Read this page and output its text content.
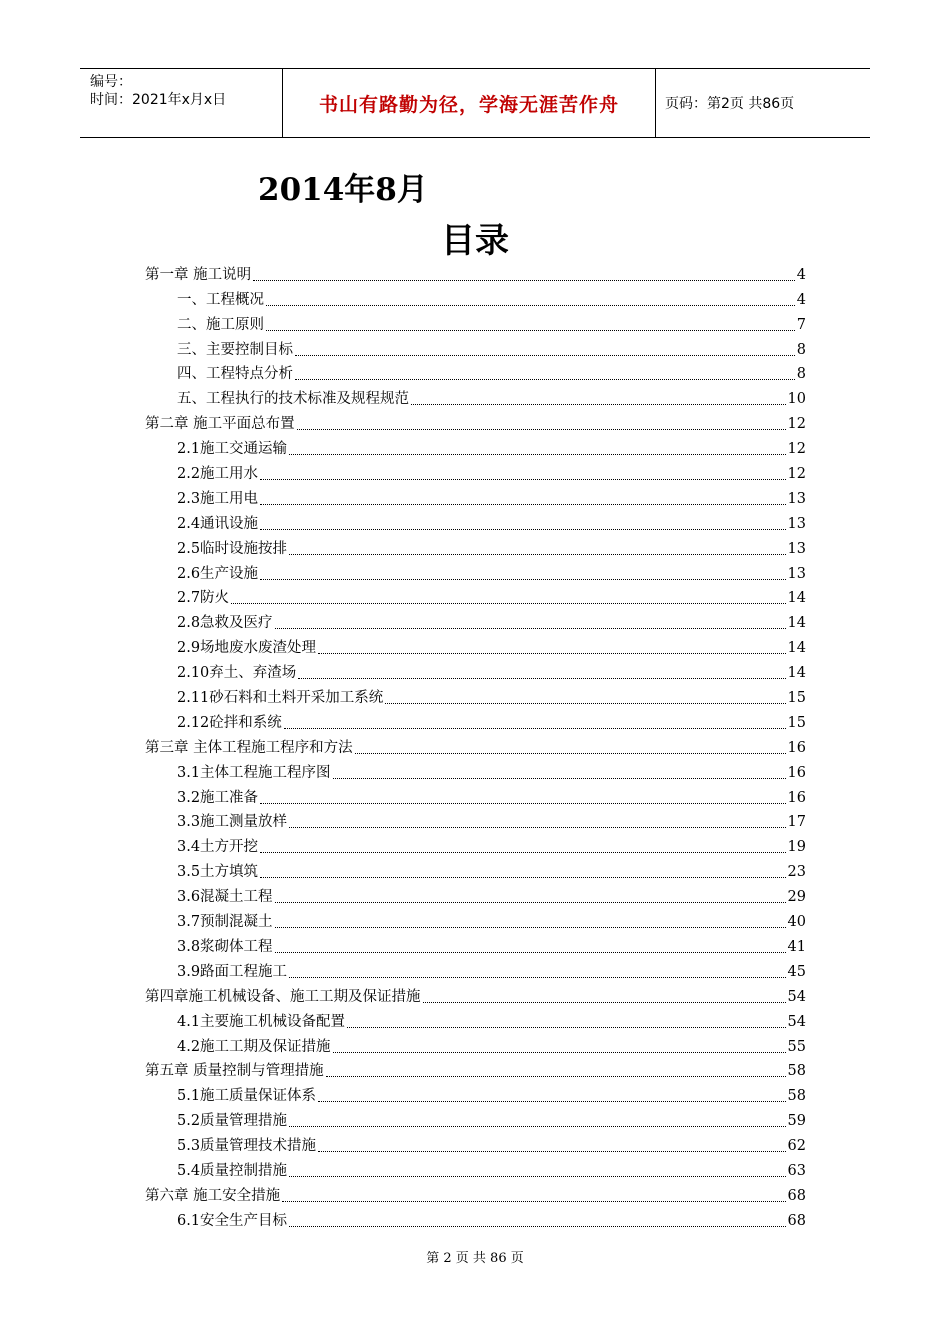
编号：
时间：2021年x月x日	书山有路勤为径，学海无涯苦作舟	页码：第2页 共86页
2014年8月
目录
第一章 施工说明	4
一、工程概况	4
二、施工原则	7
三、主要控制目标	8
四、工程特点分析	8
五、工程执行的技术标准及规程规范	10
第二章 施工平面总布置	12
2.1施工交通运输	12
2.2施工用水	12
2.3施工用电	13
2.4通讯设施	13
2.5临时设施按排	13
2.6生产设施	13
2.7防火	14
2.8急救及医疗	14
2.9场地废水废渣处理	14
2.10弃土、弃渣场	14
2.11砂石料和土料开采加工系统	15
2.12砼拌和系统	15
第三章 主体工程施工程序和方法	16
3.1主体工程施工程序图	16
3.2施工准备	16
3.3施工测量放样	17
3.4土方开挖	19
3.5土方填筑	23
3.6混凝土工程	29
3.7预制混凝土	40
3.8浆砌体工程	41
3.9路面工程施工	45
第四章施工机械设备、施工工期及保证措施	54
4.1主要施工机械设备配置	54
4.2施工工期及保证措施	55
第五章 质量控制与管理措施	58
5.1施工质量保证体系	58
5.2质量管理措施	59
5.3质量管理技术措施	62
5.4质量控制措施	63
第六章 施工安全措施	68
6.1安全生产目标	68
第 2 页 共 86 页
